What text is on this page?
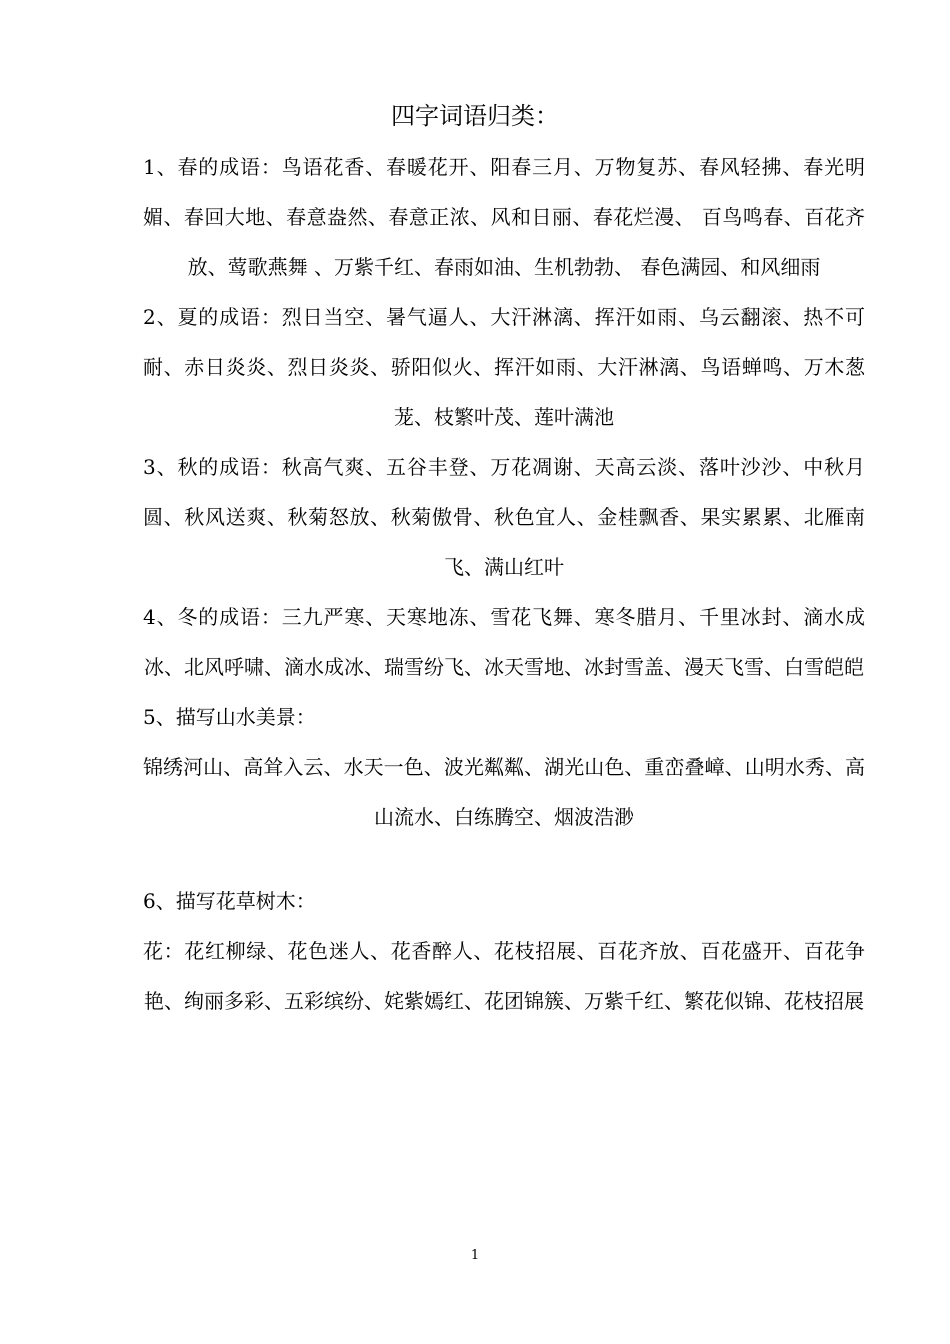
四字词语归类：

1、春的成语：鸟语花香、春暖花开、阳春三月、万物复苏、春风轻拂、春光明媚、春回大地、春意盎然、春意正浓、风和日丽、春花烂漫、 百鸟鸣春、百花齐放、莺歌燕舞 、万紫千红、春雨如油、生机勃勃、 春色满园、和风细雨

2、夏的成语：烈日当空、暑气逼人、大汗淋漓、挥汗如雨、乌云翻滚、热不可耐、赤日炎炎、烈日炎炎、骄阳似火、挥汗如雨、大汗淋漓、鸟语蝉鸣、万木葱茏、枝繁叶茂、莲叶满池

3、秋的成语：秋高气爽、五谷丰登、万花凋谢、天高云淡、落叶沙沙、中秋月圆、秋风送爽、秋菊怒放、秋菊傲骨、秋色宜人、金桂飘香、果实累累、北雁南飞、满山红叶

4、冬的成语：三九严寒、天寒地冻、雪花飞舞、寒冬腊月、千里冰封、滴水成冰、北风呼啸、滴水成冰、瑞雪纷飞、冰天雪地、冰封雪盖、漫天飞雪、白雪皑皑

5、描写山水美景：

锦绣河山、高耸入云、水天一色、波光粼粼、湖光山色、重峦叠嶂、山明水秀、高山流水、白练腾空、烟波浩渺

6、描写花草树木：

花：花红柳绿、花色迷人、花香醉人、花枝招展、百花齐放、百花盛开、百花争艳、绚丽多彩、五彩缤纷、姹紫嫣红、花团锦簇、万紫千红、繁花似锦、花枝招展

1
